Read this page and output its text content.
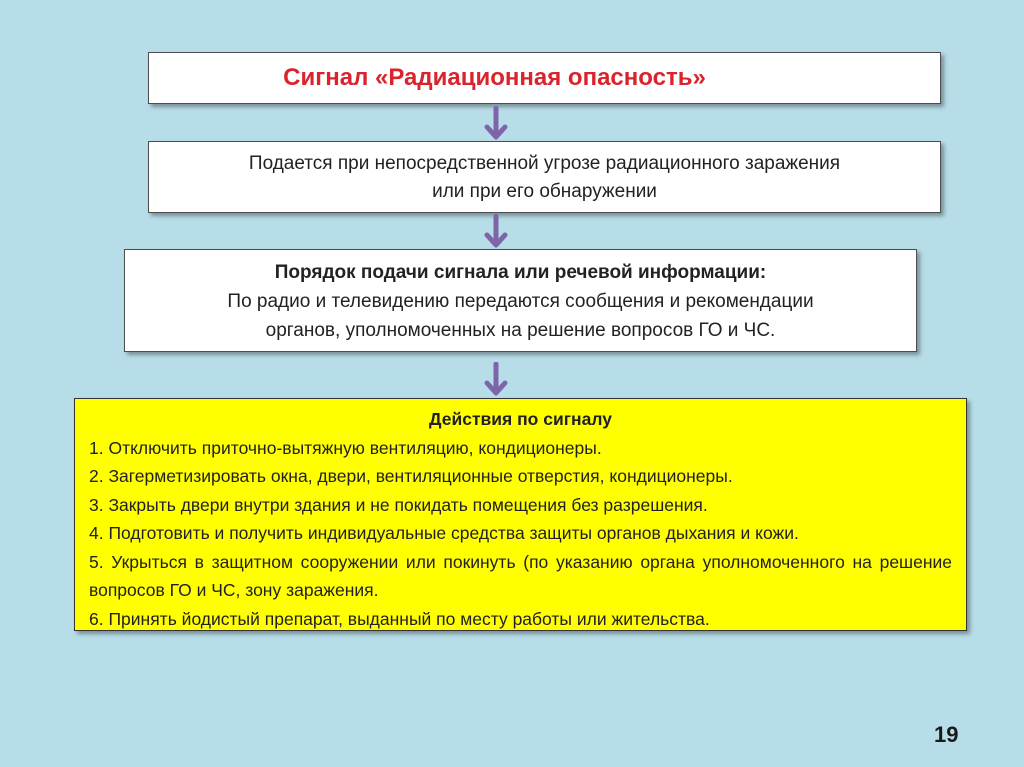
Сигнал «Радиационная опасность»
Подается при непосредственной угрозе радиационного заражения
или при его обнаружении
Порядок подачи сигнала или речевой информации:
По радио и телевидению передаются сообщения и рекомендации
органов, уполномоченных на решение вопросов ГО и ЧС.
Действия по сигналу
1. Отключить приточно-вытяжную вентиляцию, кондиционеры.
2. Загерметизировать окна, двери, вентиляционные отверстия, кондиционеры.
3. Закрыть двери внутри здания и не покидать помещения без разрешения.
4. Подготовить и получить индивидуальные средства защиты органов дыхания и кожи.
5. Укрыться в защитном сооружении или покинуть (по указанию органа уполномоченного на решение вопросов ГО и ЧС, зону заражения.
6. Принять йодистый препарат, выданный по месту работы или жительства.
19
